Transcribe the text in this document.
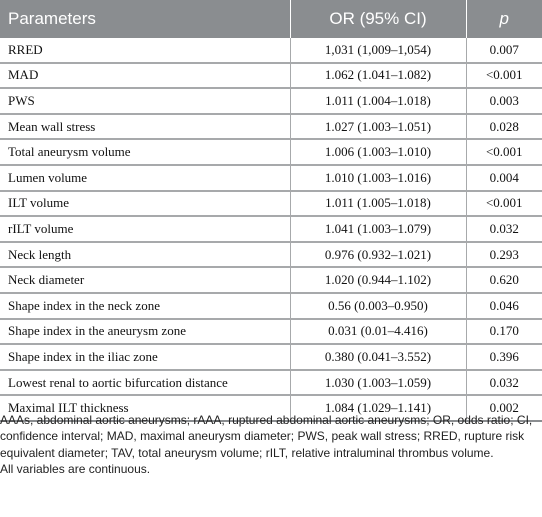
Parameters	OR (95% CI)	p
RRED	1,031 (1,009–1,054)	0.007
MAD	1.062 (1.041–1.082)	<0.001
PWS	1.011 (1.004–1.018)	0.003
Mean wall stress	1.027 (1.003–1.051)	0.028
Total aneurysm volume	1.006 (1.003–1.010)	<0.001
Lumen volume	1.010 (1.003–1.016)	0.004
ILT volume	1.011 (1.005–1.018)	<0.001
rILT volume	1.041 (1.003–1.079)	0.032
Neck length	0.976 (0.932–1.021)	0.293
Neck diameter	1.020 (0.944–1.102)	0.620
Shape index in the neck zone	0.56 (0.003–0.950)	0.046
Shape index in the aneurysm zone	0.031 (0.01–4.416)	0.170
Shape index in the iliac zone	0.380 (0.041–3.552)	0.396
Lowest renal to aortic bifurcation distance	1.030 (1.003–1.059)	0.032
Maximal ILT thickness	1.084 (1.029–1.141)	0.002

AAAs, abdominal aortic aneurysms; rAAA, ruptured abdominal aortic aneurysms; OR, odds ratio; CI, confidence interval; MAD, maximal aneurysm diameter; PWS, peak wall stress; RRED, rupture risk equivalent diameter; TAV, total aneurysm volume; rILT, relative intraluminal thrombus volume.

All variables are continuous.
